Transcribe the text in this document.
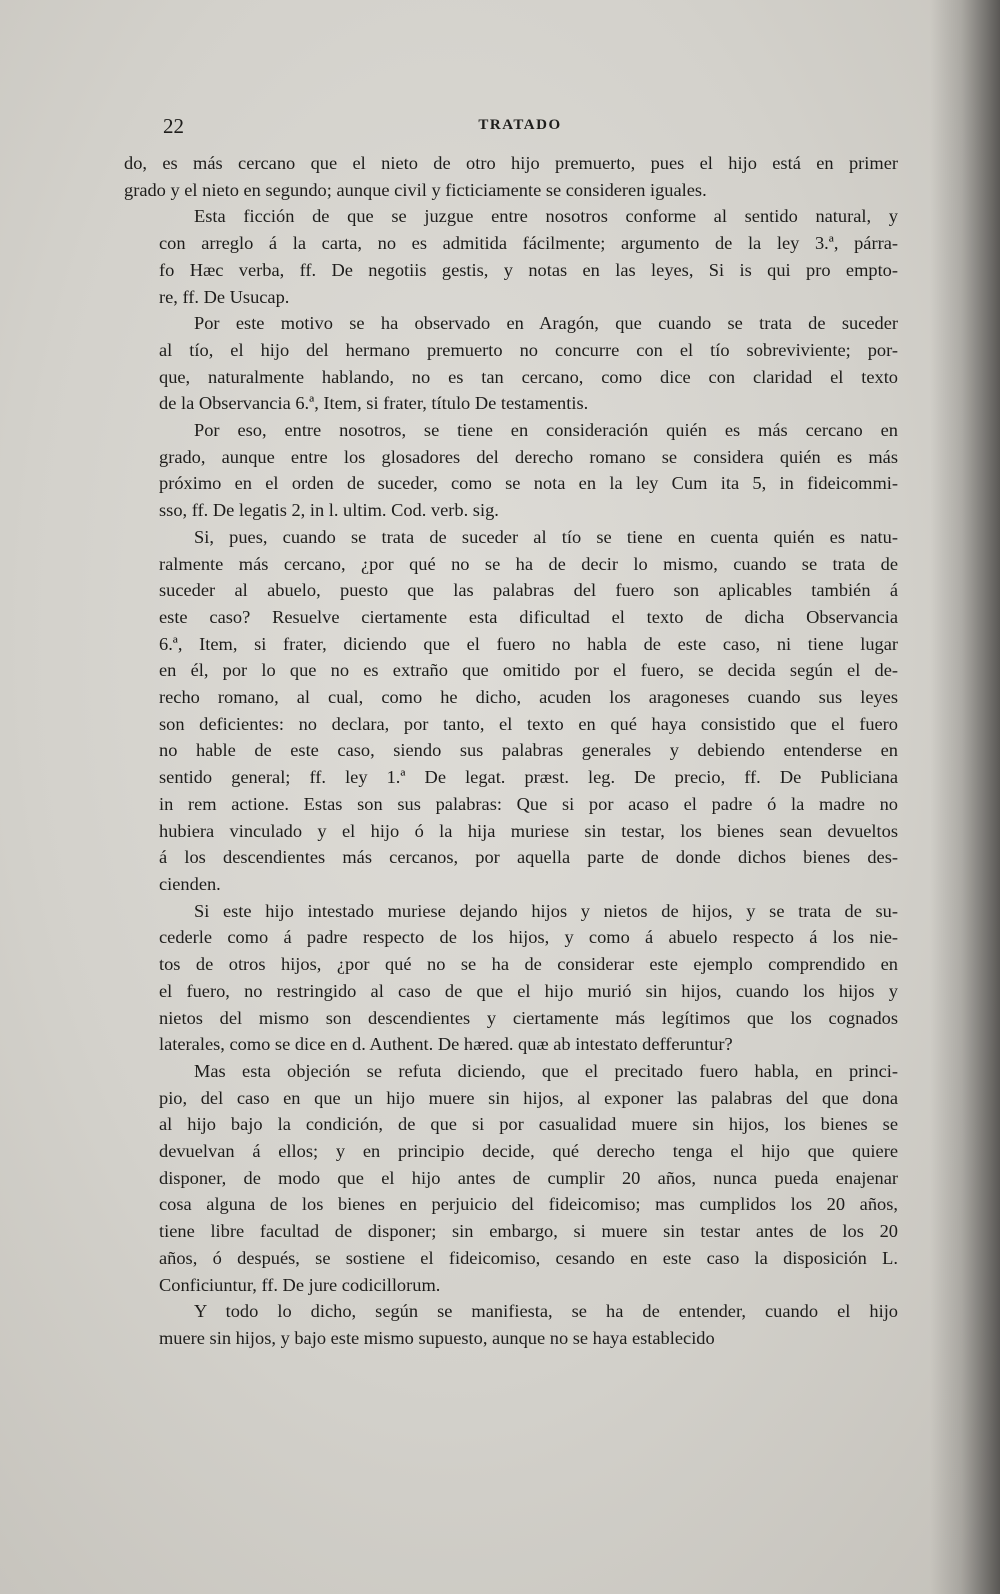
22	TRATADO
do, es más cercano que el nieto de otro hijo premuerto, pues el hijo está en primer
grado y el nieto en segundo; aunque civil y ficticiamente se consideren iguales.
Esta ficción de que se juzgue entre nosotros conforme al sentido natural, y
con arreglo á la carta, no es admitida fácilmente; argumento de la ley 3.ª, párra-
fo Hæc verba, ff. De negotiis gestis, y notas en las leyes, Si is qui pro empto-
re, ff. De Usucap.
Por este motivo se ha observado en Aragón, que cuando se trata de suceder
al tío, el hijo del hermano premuerto no concurre con el tío sobreviviente; por-
que, naturalmente hablando, no es tan cercano, como dice con claridad el texto
de la Observancia 6.ª, Item, si frater, título De testamentis.
Por eso, entre nosotros, se tiene en consideración quién es más cercano en
grado, aunque entre los glosadores del derecho romano se considera quién es más
próximo en el orden de suceder, como se nota en la ley Cum ita 5, in fideicommi-
sso, ff. De legatis 2, in l. ultim. Cod. verb. sig.
Si, pues, cuando se trata de suceder al tío se tiene en cuenta quién es natu-
ralmente más cercano, ¿por qué no se ha de decir lo mismo, cuando se trata de
suceder al abuelo, puesto que las palabras del fuero son aplicables también á
este caso? Resuelve ciertamente esta dificultad el texto de dicha Observancia
6.ª, Item, si frater, diciendo que el fuero no habla de este caso, ni tiene lugar
en él, por lo que no es extraño que omitido por el fuero, se decida según el de-
recho romano, al cual, como he dicho, acuden los aragoneses cuando sus leyes
son deficientes: no declara, por tanto, el texto en qué haya consistido que el fuero
no hable de este caso, siendo sus palabras generales y debiendo entenderse en
sentido general; ff. ley 1.ª De legat. præst. leg. De precio, ff. De Publiciana
in rem actione. Estas son sus palabras: Que si por acaso el padre ó la madre no
hubiera vinculado y el hijo ó la hija muriese sin testar, los bienes sean devueltos
á los descendientes más cercanos, por aquella parte de donde dichos bienes des-
cienden.
Si este hijo intestado muriese dejando hijos y nietos de hijos, y se trata de su-
cederle como á padre respecto de los hijos, y como á abuelo respecto á los nie-
tos de otros hijos, ¿por qué no se ha de considerar este ejemplo comprendido en
el fuero, no restringido al caso de que el hijo murió sin hijos, cuando los hijos y
nietos del mismo son descendientes y ciertamente más legítimos que los cognados
laterales, como se dice en d. Authent. De hæred. quæ ab intestato defferuntur?
Mas esta objeción se refuta diciendo, que el precitado fuero habla, en princi-
pio, del caso en que un hijo muere sin hijos, al exponer las palabras del que dona
al hijo bajo la condición, de que si por casualidad muere sin hijos, los bienes se
devuelvan á ellos; y en principio decide, qué derecho tenga el hijo que quiere
disponer, de modo que el hijo antes de cumplir 20 años, nunca pueda enajenar
cosa alguna de los bienes en perjuicio del fideicomiso; mas cumplidos los 20 años,
tiene libre facultad de disponer; sin embargo, si muere sin testar antes de los 20
años, ó después, se sostiene el fideicomiso, cesando en este caso la disposición L.
Conficiuntur, ff. De jure codicillorum.
Y todo lo dicho, según se manifiesta, se ha de entender, cuando el hijo
muere sin hijos, y bajo este mismo supuesto, aunque no se haya establecido
